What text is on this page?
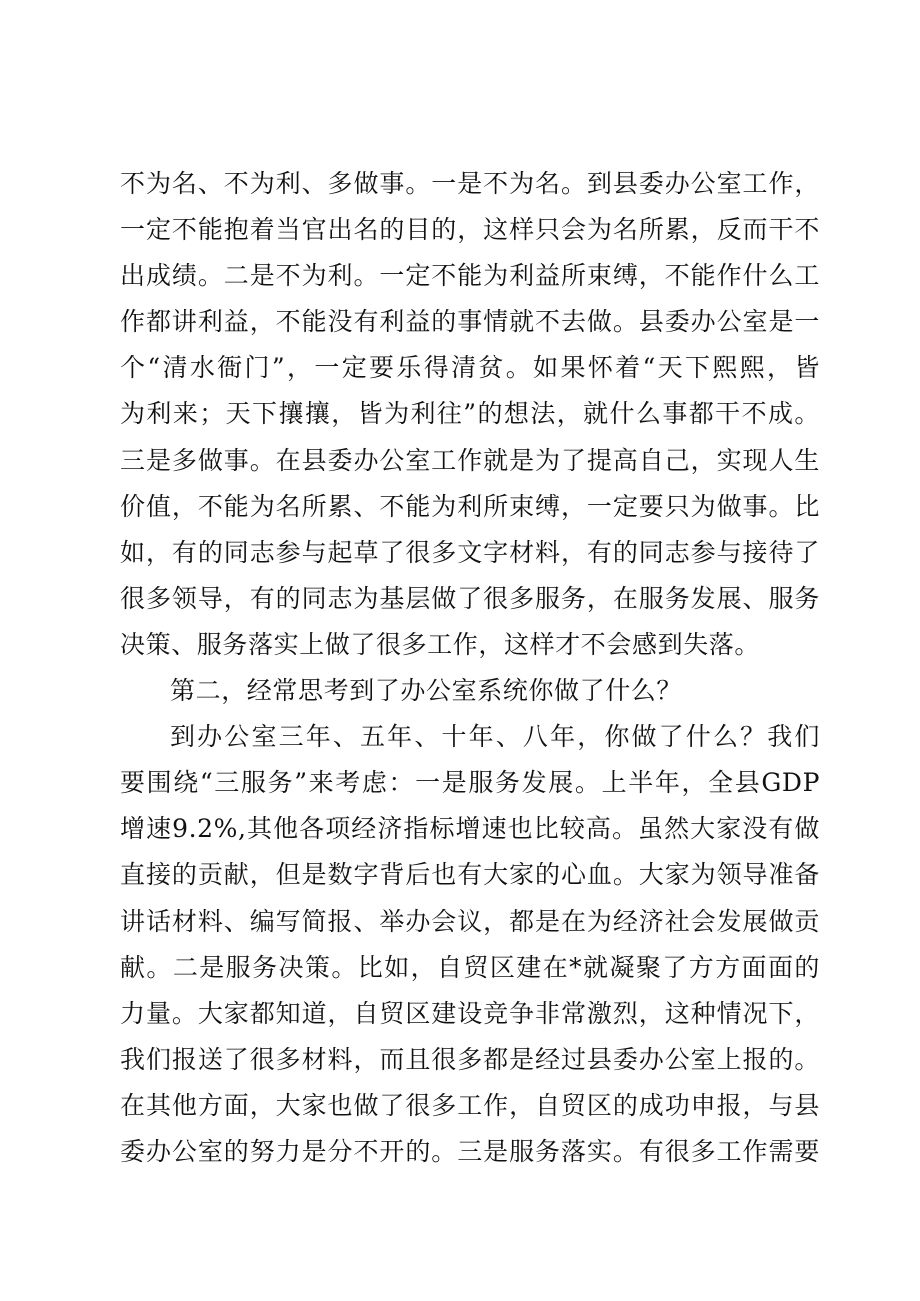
不为名、不为利、多做事。一是不为名。到县委办公室工作，
一定不能抱着当官出名的目的，这样只会为名所累，反而干不
出成绩。二是不为利。一定不能为利益所束缚，不能作什么工
作都讲利益，不能没有利益的事情就不去做。县委办公室是一
个“清水衙门”，一定要乐得清贫。如果怀着“天下熙熙，皆
为利来；天下攘攘，皆为利往”的想法，就什么事都干不成。
三是多做事。在县委办公室工作就是为了提高自己，实现人生
价值，不能为名所累、不能为利所束缚，一定要只为做事。比
如，有的同志参与起草了很多文字材料，有的同志参与接待了
很多领导，有的同志为基层做了很多服务，在服务发展、服务
决策、服务落实上做了很多工作，这样才不会感到失落。
第二，经常思考到了办公室系统你做了什么？
到办公室三年、五年、十年、八年，你做了什么？我们
要围绕“三服务”来考虑：一是服务发展。上半年，全县GDP
增速9.2%,其他各项经济指标增速也比较高。虽然大家没有做
直接的贡献，但是数字背后也有大家的心血。大家为领导准备
讲话材料、编写简报、举办会议，都是在为经济社会发展做贡
献。二是服务决策。比如，自贸区建在*就凝聚了方方面面的
力量。大家都知道，自贸区建设竞争非常激烈，这种情况下，
我们报送了很多材料，而且很多都是经过县委办公室上报的。
在其他方面，大家也做了很多工作，自贸区的成功申报，与县
委办公室的努力是分不开的。三是服务落实。有很多工作需要
